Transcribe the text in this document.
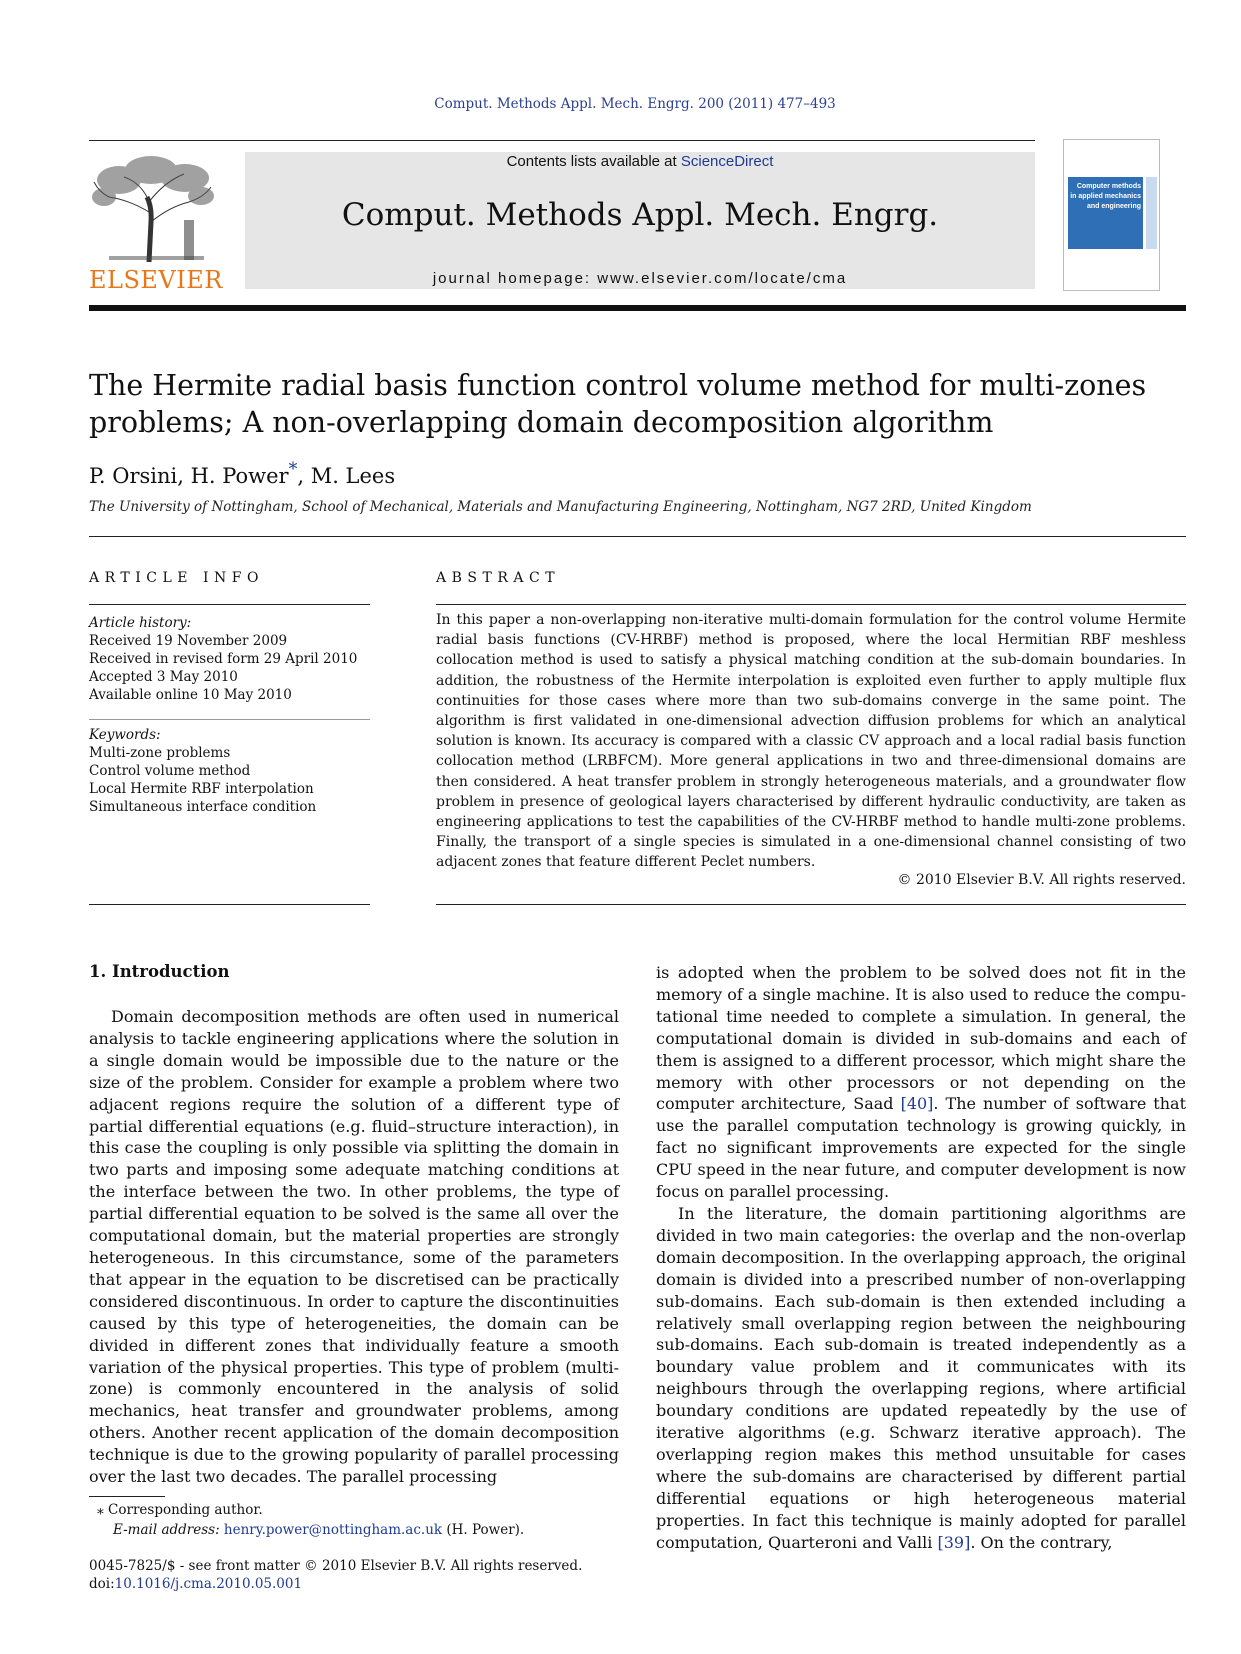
Comput. Methods Appl. Mech. Engrg. 200 (2011) 477–493
ELSEVIER
Contents lists available at ScienceDirect
Comput. Methods Appl. Mech. Engrg.
journal homepage: www.elsevier.com/locate/cma
Computer methods in applied mechanics and engineering
The Hermite radial basis function control volume method for multi-zones problems; A non-overlapping domain decomposition algorithm
P. Orsini, H. Power*, M. Lees
The University of Nottingham, School of Mechanical, Materials and Manufacturing Engineering, Nottingham, NG7 2RD, United Kingdom
ARTICLE INFO	ABSTRACT
Article history:
Received 19 November 2009
Received in revised form 29 April 2010
Accepted 3 May 2010
Available online 10 May 2010
Keywords:
Multi-zone problems
Control volume method
Local Hermite RBF interpolation
Simultaneous interface condition
In this paper a non-overlapping non-iterative multi-domain formulation for the control volume Hermite radial basis functions (CV-HRBF) method is proposed, where the local Hermitian RBF meshless collocation method is used to satisfy a physical matching condition at the sub-domain boundaries. In addition, the robustness of the Hermite interpolation is exploited even further to apply multiple flux continuities for those cases where more than two sub-domains converge in the same point. The algorithm is first validated in one-dimensional advection diffusion problems for which an analytical solution is known. Its accuracy is compared with a classic CV approach and a local radial basis function collocation method (LRBFCM). More general applications in two and three-dimensional domains are then considered. A heat transfer problem in strongly heterogeneous materials, and a groundwater flow problem in presence of geological layers characterised by different hydraulic conductivity, are taken as engineering applications to test the capabilities of the CV-HRBF method to handle multi-zone problems. Finally, the transport of a single species is simulated in a one-dimensional channel consisting of two adjacent zones that feature different Peclet numbers.
© 2010 Elsevier B.V. All rights reserved.
1. Introduction

Domain decomposition methods are often used in numerical analysis to tackle engineering applications where the solution in a single domain would be impossible due to the nature or the size of the problem. Consider for example a problem where two adjacent regions require the solution of a different type of partial differential equations (e.g. fluid–structure interaction), in this case the coupling is only possible via splitting the domain in two parts and imposing some adequate matching conditions at the interface between the two. In other problems, the type of partial differential equation to be solved is the same all over the computational domain, but the material properties are strongly heterogeneous. In this circumstance, some of the parameters that appear in the equation to be discretised can be practically considered discontinuous. In order to capture the discontinuities caused by this type of heterogeneities, the domain can be divided in different zones that individually feature a smooth variation of the physical properties. This type of problem (multi-zone) is commonly encountered in the analysis of solid mechanics, heat transfer and groundwater problems, among others. Another recent application of the domain decomposition technique is due to the growing popularity of parallel processing over the last two decades. The parallel processing

is adopted when the problem to be solved does not fit in the memory of a single machine. It is also used to reduce the computational time needed to complete a simulation. In general, the computational domain is divided in sub-domains and each of them is assigned to a different processor, which might share the memory with other processors or not depending on the computer architecture, Saad [40]. The number of software that use the parallel computation technology is growing quickly, in fact no significant improvements are expected for the single CPU speed in the near future, and computer development is now focus on parallel processing.

In the literature, the domain partitioning algorithms are divided in two main categories: the overlap and the non-overlap domain decomposition. In the overlapping approach, the original domain is divided into a prescribed number of non-overlapping sub-domains. Each sub-domain is then extended including a relatively small overlapping region between the neighbouring sub-domains. Each sub-domain is treated independently as a boundary value problem and it communicates with its neighbours through the overlapping regions, where artificial boundary conditions are updated repeatedly by the use of iterative algorithms (e.g. Schwarz iterative approach). The overlapping region makes this method unsuitable for cases where the sub-domains are characterised by different partial differential equations or high heterogeneous material properties. In fact this technique is mainly adopted for parallel computation, Quarteroni and Valli [39]. On the contrary,

⁎ Corresponding author.
E-mail address: henry.power@nottingham.ac.uk (H. Power).
0045-7825/$ - see front matter © 2010 Elsevier B.V. All rights reserved.
doi:10.1016/j.cma.2010.05.001
